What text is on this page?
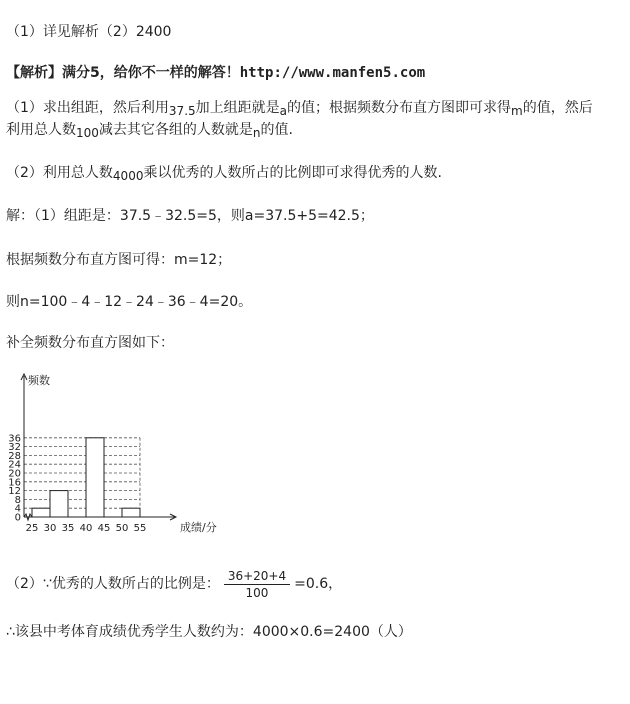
（1）详见解析（2）2400
【解析】满分5，给你不一样的解答！http://www.manfen5.com
（1）求出组距，然后利用37.5加上组距就是a的值；根据频数分布直方图即可求得m的值，然后
利用总人数100减去其它各组的人数就是n的值.
（2）利用总人数4000乘以优秀的人数所占的比例即可求得优秀的人数.
解：（1）组距是：37.5﹣32.5=5，则a=37.5+5=42.5；
根据频数分布直方图可得：m=12；
则n=100﹣4﹣12﹣24﹣36﹣4=20。
补全频数分布直方图如下：
0
4
8
12
16
20
24
28
32
36
25 30 35 40 45 50 55
频数
成绩/分
（2）∵优秀的人数所占的比例是： $\frac{36+20+4}{100} =0.6$，
∴该县中考体育成绩优秀学生人数约为：4000×0.6=2400（人）
